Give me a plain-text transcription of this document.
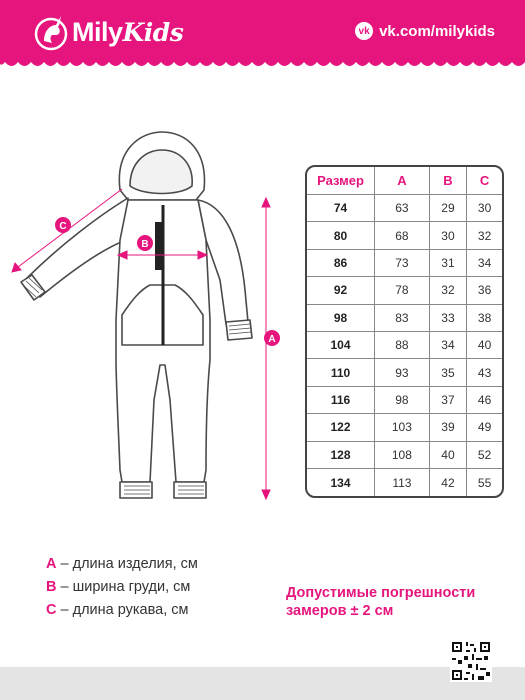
MilyKids	vk vk.com/milykids
A
B
C
Размер	A	B	C
74	63	29	30
80	68	30	32
86	73	31	34
92	78	32	36
98	83	33	38
104	88	34	40
110	93	35	43
116	98	37	46
122	103	39	49
128	108	40	52
134	113	42	55
A – длина изделия, см
B – ширина груди, см
C – длина рукава, см
Допустимые погрешности
замеров ± 2 см
